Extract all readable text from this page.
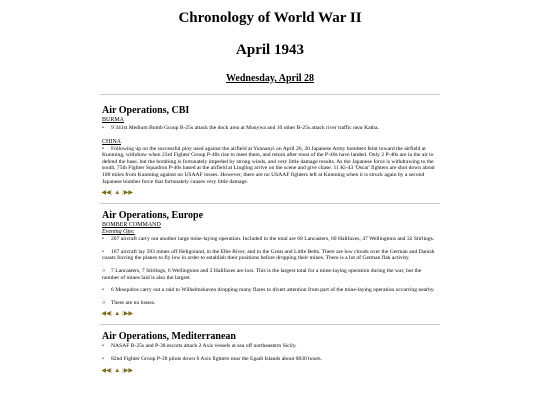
Chronology of World War II
April 1943
Wednesday, April 28
Air Operations, CBI
BURMA

• 9 341st Medium Bomb Group B-25s attack the dock area at Monywa and 10 other B-25s attack river traffic near Katha.

CHINA

• Following up on the successful ploy used against the airfield at Yunnanyi on April 26, 20 Japanese Army bombers feint toward the airfield at Kunming, withdraw when 23rd Fighter Group P-40s rise to meet them, and return after most of the P-40s have landed. Only 2 P-40s are in the air to defend the base, but the bombing is fortunately impeded by strong winds, and very little damage results. As the Japanese force is withdrawing to the south, 75th Fighter Squadron P-40s based at the airfield at Lingling arrive on the scene and give chase. 11 Ki-43 'Oscar' fighters are shot down about 100 miles from Kunming against no USAAF losses. However, there are no USAAF fighters left at Kunming when it is struck again by a second Japanese bomber force that fortunately causes very little damage.

◀◀ | ▲ | ▶▶
Air Operations, Europe
BOMBER COMMAND
Evening Ops:

• 207 aircraft carry out another large mine-laying operation. Included in the total are 68 Lancasters, 60 Halifaxes, 47 Wellingtons and 32 Stirlings.

• 167 aircraft lay 593 mines off Heligoland, in the Elbe River, and in the Great and Little Belts. There are low clouds over the German and Danish coasts forcing the planes to fly low in order to establish their positions before dropping their mines. There is a lot of German flak activity.

○ 7 Lancasters, 7 Stirlings, 6 Wellingtons and 2 Halifaxes are lost. This is the largest total for a mine-laying operation during the war, but the number of mines laid is also the largest.

• 6 Mosquitos carry out a raid to Wilhelmshaven dropping many flares to divert attention from part of the mine-laying operation occurring nearby.

○ There are no losses.

◀◀ | ▲ | ▶▶
Air Operations, Mediterranean

• NASAF B-25s and P-38 escorts attack 2 Axis vessels at sea off northeastern Sicily.

• 82nd Fighter Group P-38 pilots down 6 Axis fighters near the Egadi Islands about 0830 hours.

◀◀ | ▲ | ▶▶
